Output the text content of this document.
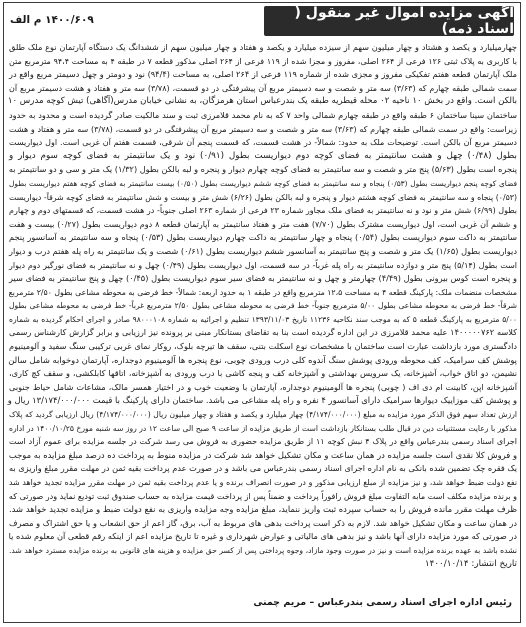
آگهی مزایده اموال غیر منقول ( اسناد ذمه)
۱۴۰۰/۶۰۹ م الف
چهارمیلیارد و یکصد و هشتاد و چهار میلیون سهم از سیزده میلیارد و یکصد و هفتاد و چهار میلیون سهم از ششدانگ یک دستگاه آپارتمان نوع ملک طلق
با کاربری به پلاک ثبتی ۱۲۶ فرعی از ۲۶۴ اصلی، مفروز و مجزا شده از ۱۱۹ فرعی از ۲۶۴ اصلی مذکور قطعه ۷ در طبقه ۴ به مساحت ۹۴،۴ مترمربع متن
ملک آپارتمان قطعه هفتم تفکیکی مفروز و مجزی شده از شماره ۱۱۹ فرعی از ۲۶۴ اصلی، به مساحت (۹۴/۴) نود و دومتر و چهل دسیمتر مربع واقع در
سمت شمالی طبقه چهارم که (۳/۶۳) سه متر و شصت و سه دسیمتر مربع آن پیشرفتگی در دو قسمت، (۳/۷۸) سه متر و هفتاد و هشت دسیمتر مربع آن
بالکن است. واقع در بخش ۱۰ ناحیه ۰۲ محله قیطریه طبقه یک بندرعباس استان هرمزگان، به نشانی خیابان مدرس(آگاهی) تیش کوچه مدرس ۱۰
ساختمان سینا ساختمان ۶ طبقه واقع در طبقه چهارم شمالی واحد ۷ که به نام محمد قلامرزی ثبت و سند مالکیت صادر گردیده است و محدود به حدود
زیراست: واقع در سمت شمالی طبقه چهارم که (۳/۶۳) سه متر و شصت و سه دسیمتر مربع آن پیشرفتگی در دو قسمت، (۳/۷۸) سه متر و هفتاد و هشت
دسیمتر مربع آن بالکن است. توضیحات ملک به حدود: شمالاً- در هشت قسمت، که قسمت پنجم آن شرقی، قسمت هفتم آن غربی است. اول دیواریست
بطول (۰/۴۸) چهل و هشت سانتیمتر به فضای کوچه دوم دیواریست بطول (۰/۹۱) نود و یک سانتیمتر به فضای کوچه سوم دیوار و
پنجره است بطول (۵/۶۳) پنج متر و شصت و سه سانتیمتر به فضای کوچه چهارم دیوار و پنجره و لبه بالکن بطول (۱/۳۲) یک متر و سی و دو سانتیمتر به
فضای کوچه پنجم دیواریست بطول (۰/۵۳) پنجاه و سه سانتیمتر به فضای کوچه ششم دیواریست بطول (۰/۵۰) بیست سانتیمتر به فضای کوچه هفتم دیواریست بطول
(۰/۵۳) پنجاه و سه سانتیمتر به فضای کوچه هشتم دیوار و پنجره و لبه بالکن بطول (۶/۲۶) شش متر و بیست و شش سانتیمتر به فضای کوچه شرقاً- دیواریست
بطول (۶/۹۹) شش متر و نود و نه سانتیمتر به فضای ملک مجاور شماره ۲۳ فرعی از شماره ۲۶۳ اصلی جنوباً- در هشت قسمت، که قسمتهای دوم و چهارم
و ششم آن غربی است، اول دیواریست مشترک بطول (۷/۷۰) هفت متر و هفتاد سانتیمتر به آپارتمان قطعه ۸ دوم دیواریست بطول (۰/۲۷) بیست و هفت
سانتیمتر به داکت سوم دیواریست بطول (۰/۵۴) پنجاه و چهار سانتیمتر به داکت چهارم دیواریست بطول (۰/۵۳) پنجاه و سه سانتیمتر به آسانسور پنجم
دیواریست بطول (۱/۶۵) یک متر و شصت و پنج سانتیمتر به آسانسور ششم دیواریست بطول (۰/۶۱) شصت و یک سانتیمتر به راه پله هفتم درب و دیوار
است بطول (۵/۱۴) پنج متر و دوازده سانتیمتر به راه پله غرباً- در سه قسمت، اول دیواریست بطول (۰/۴۹) چهل و نه سانتیمتر به فضای نورگیر دوم دیوار
و پنجره است کوس بیرونی بطول (۴/۴۹) چهارمتر و چهل و نه سانتیمتر به فضای سیر سوم دیواریست بطول (۰/۴۵) چهل و پنج سانتیمتر به فضای سیر
مشخصات منضمات ملک: پارکینگ قطعه ۴ به مساحت ۱۲،۵ مترمربع واقع در طبقه ۱ به حدود اربعه: شمالاً- خط فرضی به محوطه مشاعی بطول ۲/۵۰ مترمربع
شرقاً- خط فرضی به محوطه مشاعی بطول ۵/۰۰ مترمربع جنوباً- خط فرضی به محوطه مشاعی بطول ۲/۵۰ مترمربع غرباً- خط فرضی به محوطه مشاعی بطول
۵/۰۰ مترمربع به پارکینگ قطعه ۵ که به موجب سند نکاحیه ۱۱۲۳۶ تاریخ ۱۳۹۳/۱۱/۰۳ تنظیم و اجرائیه به شماره ۹۸۰۰۰۱۰۸ صادر و اجرای احکام گردیده به شماره
کلاسه ۱۴۰۰۰۰۰۷۶۲ علیه محمد قلامرزی در این اداره گردیده است بنا به تقاضای بستانکار مبنی بر پرونده نیز ارزیابی و برابر گزارش کارشناس رسمی
دادگستری مورد بازداشت عبارت است ساختمان با مشخصات نوع اسکلت بتنی، سقف ها تیرچه بلوک، روکار نمای غربی ترکیبی سنگ سفید و آلومینیوم
پوشش کف سرامیک، کف محوطه ورودی پوشش سنگ آندوه کلی درب ورودی چوبی، نوع پنجره ها آلومینیوم دوجداره، آپارتمان دوخوابه شامل سالن
نشیمن، دو اتاق خواب، آشپزخانه، یک سرویس بهداشتی و آشپزخانه کف و پنجه کاشی با درب ورودی به آشپزخانه، اتاقها کابلکشی، و سقف کچ کاری،
آشپزخانه اپن، کابینت ام دی اف ( چوبی) پنجره ها آلومینیوم دوجداره، آپارتمان با وضعیت خوب و در اختیار همسر مالک، مشاعات شامل حیاط جنوبی
و پوشش کف موزاییک دیوارها سرامیک دارای آسانسور ۴ نفره و راه پله مشاعی می باشد. ساختمان دارای پارکینگ با قیمت ۱۳/۱۷۴/۰۰۰/۰۰۰ ریال و
ارزش تعداد سهم فوق الذکر مورد مزایده به مبلغ (۴/۱۷۴/۰۰۰/۰۰۰) چهار میلیارد و یکصد و هفتاد و چهار میلیون ریال (۴/۱۷۴/۰۰۰/۰۰۰) ریال ارزیابی گردید که پلاک
مذکور با رعایت مستثنیات دین در قبال طلب بستانکار بازداشت است از طریق مزایده از ساعت ۹ صبح الی ساعت ۱۲ در روز سه شنبه مورخ ۱۴۰۰/۱۰/۲۵ در اداره
اجرای اسناد رسمی بندرعباس واقع در پلاک ۴ نبش کوچه ۱۱ از طریق مزایده حضوری به فروش می رسد شرکت در جلسه مزایده برای عموم آزاد است
و فروش کلا نقدی است جلسه مزایده در همان ساعت و مکان تشکیل خواهد شد شرکت در مزایده منوط به پرداخت ده درصد مبلغ مزایده به موجب
یک فقره چک تضمین شده بانکی به نام اداره اجرای اسناد رسمی بندرعباس می باشد و در صورت عدم پرداخت بقیه ثمن در مهلت مقرر مبلغ واریزی به
نفع دولت ضبط خواهد شد، و نیز مزایده از مبلغ ارزیابی مذکور و در صورت انصراف برنده و یا عدم پرداخت بقیه ثمن در مهلت مقرر مزایده تجدید خواهد شد
و برنده مزایده مکلف است مابه التفاوت مبلغ فروش رافوراً پرداخت و ضمناً پس از پرداخت قیمت مزایده به حساب صندوق ثبت تودیع نماید ودر صورتی که
ظرف مهلت مقرر مانده فروش را به حساب سپرده ثبت واریز ننماید، مبلغ مزایده وجه مزایده واریزی به نفع دولت ضبط و مزایده تجدید خواهد شد.
در همان ساعت و مکان تشکیل خواهد شد. لازم به ذکر است پرداخت بدهی های مربوط به آب، برق، گاز اعم از حق انشعاب و یا حق اشتراک و مصرف
در صورتی که مورد مزایده دارای آنها باشد و نیز بدهی های مالیاتی و عوارض شهرداری و غیره تا تاریخ مزایده اعم از اینکه رقم قطعی آن معلوم شده یا
نشده باشد به عهده برنده مزایده است و نیز در صورت وجود مازاد، وجوه پرداختی پس از کسر حق مزایده و هزینه های قانونی به برنده مزایده مسترد خواهد شد.
تاریخ انتشار: ۱۴۰۰/۱۰/۱۴
رئیس اداره اجرای اسناد رسمی بندرعباس – مریم چمنی
